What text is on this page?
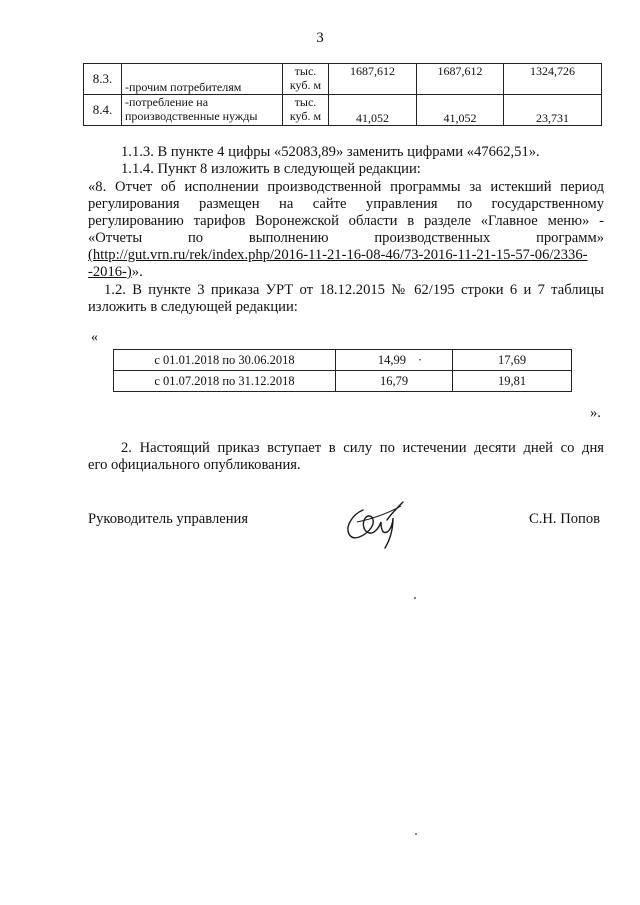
3
8.3.	-прочим потребителям	тыс. куб. м	1687,612	1687,612	1324,726
8.4.	-потребление на производственные нужды	тыс. куб. м	41,052	41,052	23,731
1.1.3. В пункте 4 цифры «52083,89» заменить цифрами «47662,51».
1.1.4. Пункт 8 изложить в следующей редакции:
«8. Отчет об исполнении производственной программы за истекший период
регулирования размещен на сайте управления по государственному
регулированию тарифов Воронежской области в разделе «Главное меню» -
«Отчеты по выполнению производственных программ»
(http://gut.vrn.ru/rek/index.php/2016-11-21-16-08-46/73-2016-11-21-15-57-06/2336-
-2016-)».
1.2. В пункте 3 приказа УРТ от 18.12.2015 № 62/195 строки 6 и 7 таблицы
изложить в следующей редакции:
«
с 01.01.2018 по 30.06.2018	14,99 ·	17,69
с 01.07.2018 по 31.12.2018	16,79	19,81
».
2. Настоящий приказ вступает в силу по истечении десяти дней со дня
его официального опубликования.
Руководитель управления	С.Н. Попов
